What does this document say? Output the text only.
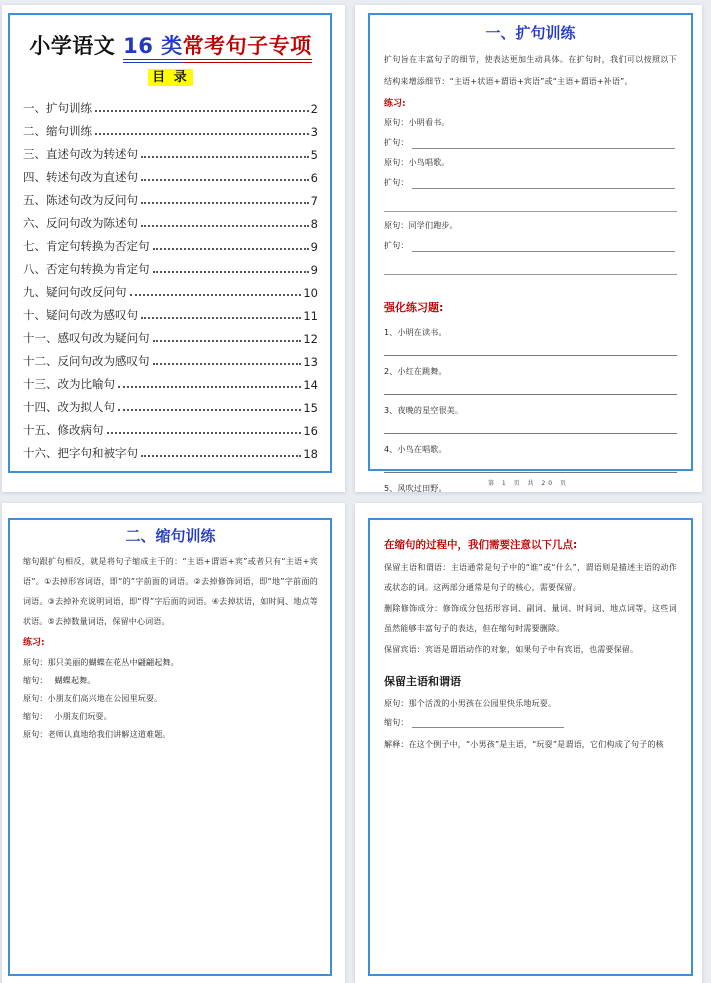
小学语文 16 类常考句子专项
目 录
一、扩句训练	2
二、缩句训练	3
三、直述句改为转述句	5
四、转述句改为直述句	6
五、陈述句改为反问句	7
六、反问句改为陈述句	8
七、肯定句转换为否定句	9
八、否定句转换为肯定句	9
九、疑问句改反问句	10
十、疑问句改为感叹句	11
十一、感叹句改为疑问句	12
十二、反问句改为感叹句	13
十三、改为比喻句	14
十四、改为拟人句	15
十五、修改病句	16
十六、把字句和被字句	18
一、扩句训练

扩句旨在丰富句子的细节，使表达更加生动具体。在扩句时，我们可以按照以下结构来增添细节：“主语+状语+谓语+宾语”或“主语+谓语+补语”。

练习:
原句：小明看书。
扩句：
原句：小鸟唱歌。
扩句：
原句：同学们跑步。
扩句：
强化练习题:
1、小明在读书。
2、小红在跳舞。
3、夜晚的星空很美。
4、小鸟在唱歌。
5、风吹过田野。
第 1 页 共 20 页
二、缩句训练

缩句跟扩句相反，就是将句子缩成主干的：“主语+谓语+宾”或者只有“主语+宾语”。①去掉形容词语，即“的”字前面的词语。②去掉修饰词语，即“地”字前面的词语。③去掉补充说明词语，即“得”字后面的词语。④去掉状语，如时间、地点等状语。⑤去掉数量词语，保留中心词语。

练习:
原句：那只美丽的蝴蝶在花丛中翩翩起舞。
缩句：　 蝴蝶起舞。
原句：小朋友们高兴地在公园里玩耍。
缩句：　 小朋友们玩耍。
原句：老师认真地给我们讲解这道难题。
在缩句的过程中，我们需要注意以下几点:

保留主语和谓语：主语通常是句子中的“谁”或“什么”，谓语则是描述主语的动作或状态的词。这两部分通常是句子的核心，需要保留。

删除修饰成分：修饰成分包括形容词、副词、量词、时间词、地点词等，这些词虽然能够丰富句子的表达，但在缩句时需要删除。

保留宾语：宾语是谓语动作的对象，如果句子中有宾语，也需要保留。

保留主语和谓语
原句：那个活泼的小男孩在公园里快乐地玩耍。
缩句：
解释：在这个例子中，“小男孩”是主语，“玩耍”是谓语，它们构成了句子的核
